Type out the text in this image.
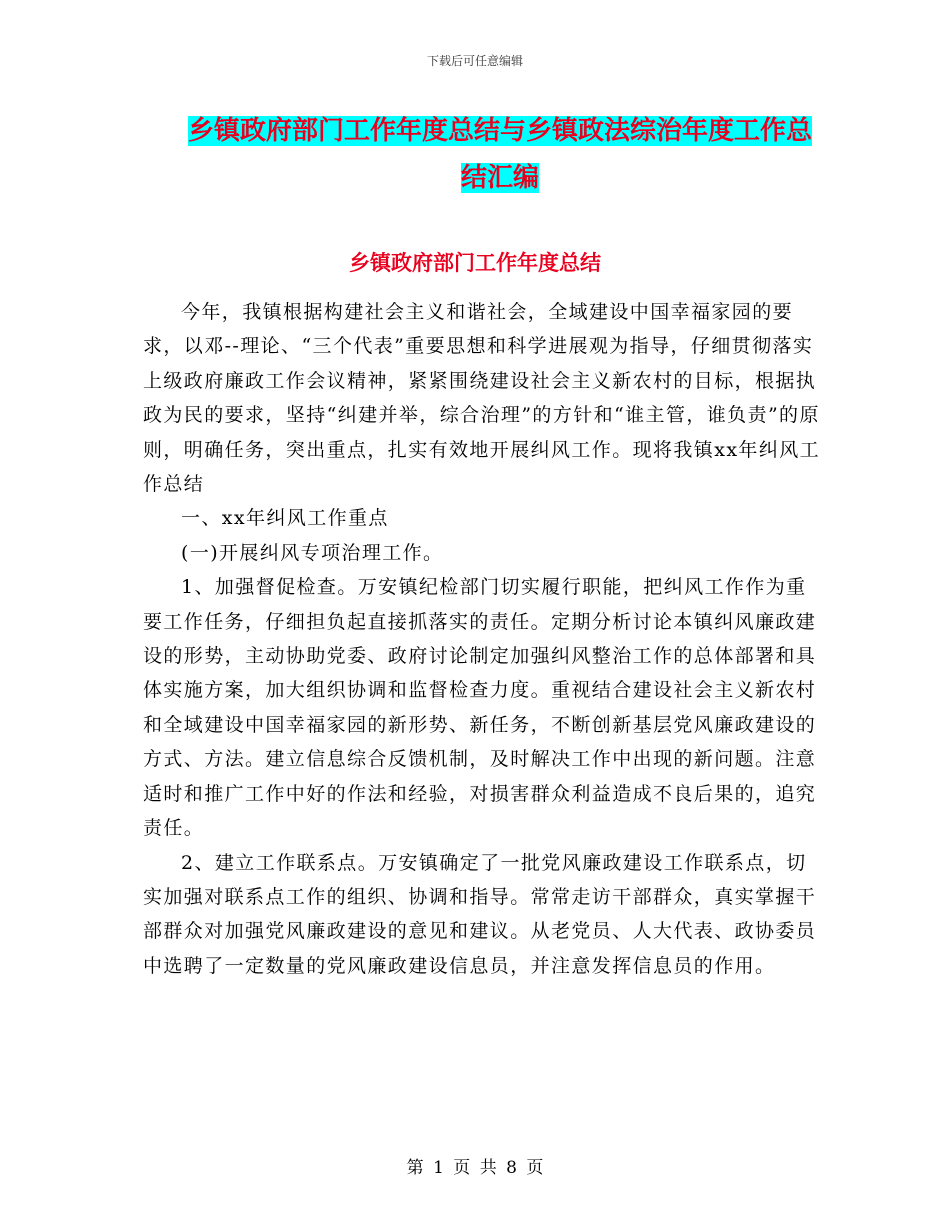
下载后可任意编辑
乡镇政府部门工作年度总结与乡镇政法综治年度工作总结汇编
乡镇政府部门工作年度总结

今年，我镇根据构建社会主义和谐社会，全域建设中国幸福家园的要求，以邓--理论、“三个代表”重要思想和科学进展观为指导，仔细贯彻落实上级政府廉政工作会议精神，紧紧围绕建设社会主义新农村的目标，根据执政为民的要求，坚持“纠建并举，综合治理”的方针和“谁主管，谁负责”的原则，明确任务，突出重点，扎实有效地开展纠风工作。现将我镇xx年纠风工作总结

一、xx年纠风工作重点

(一)开展纠风专项治理工作。

1、加强督促检查。万安镇纪检部门切实履行职能，把纠风工作作为重要工作任务，仔细担负起直接抓落实的责任。定期分析讨论本镇纠风廉政建设的形势，主动协助党委、政府讨论制定加强纠风整治工作的总体部署和具体实施方案，加大组织协调和监督检查力度。重视结合建设社会主义新农村和全域建设中国幸福家园的新形势、新任务，不断创新基层党风廉政建设的方式、方法。建立信息综合反馈机制，及时解决工作中出现的新问题。注意适时和推广工作中好的作法和经验，对损害群众利益造成不良后果的，追究责任。

2、建立工作联系点。万安镇确定了一批党风廉政建设工作联系点，切实加强对联系点工作的组织、协调和指导。常常走访干部群众，真实掌握干部群众对加强党风廉政建设的意见和建议。从老党员、人大代表、政协委员中选聘了一定数量的党风廉政建设信息员，并注意发挥信息员的作用。

第 1 页 共 8 页
